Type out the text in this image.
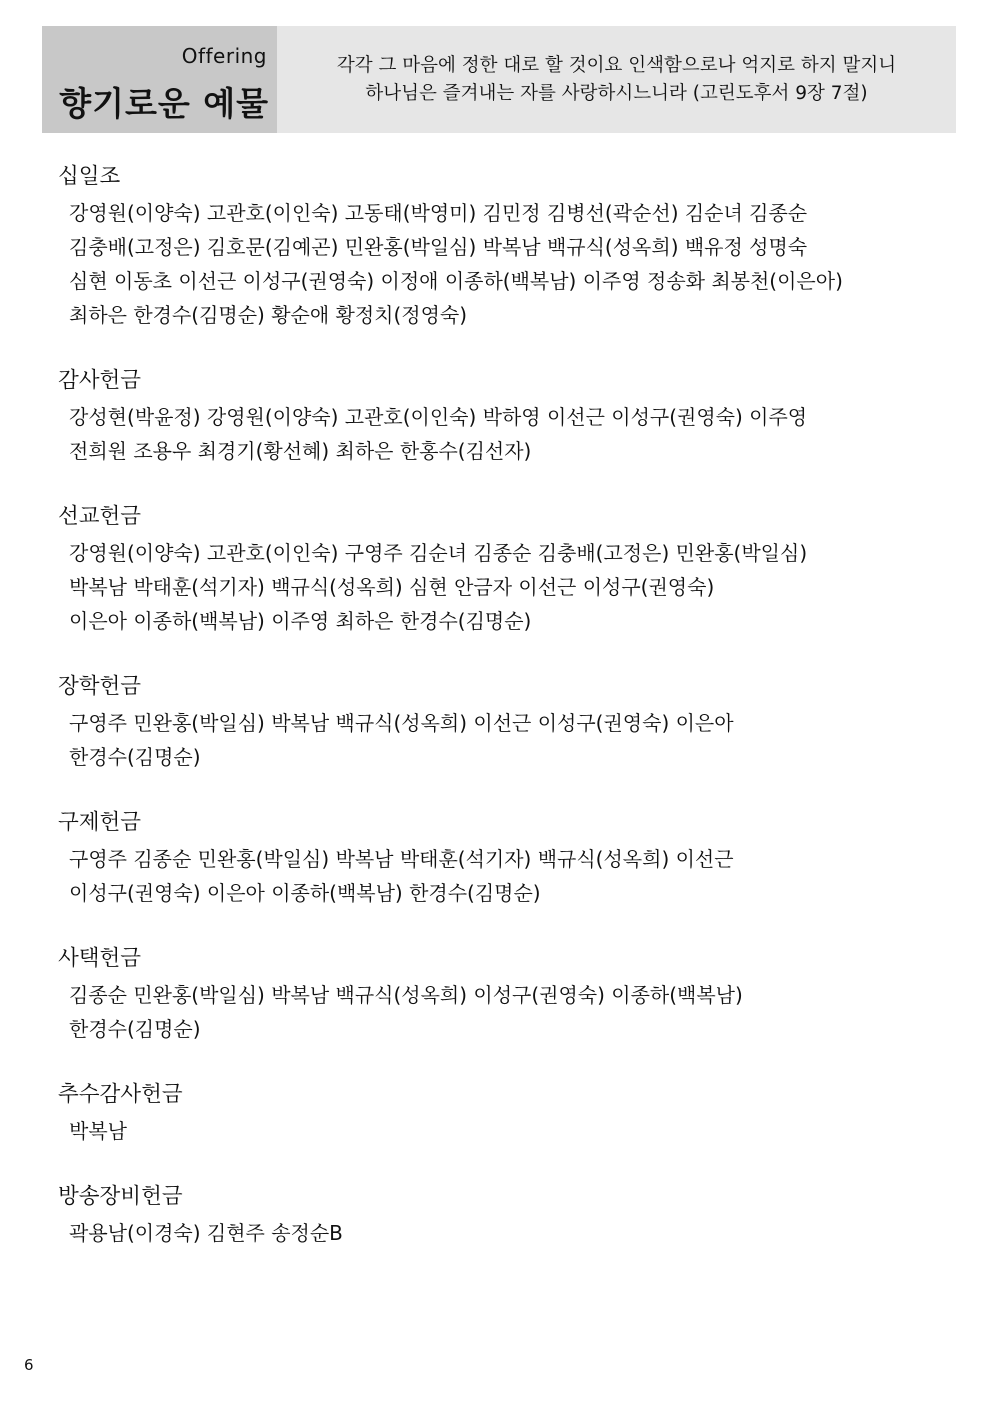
Offering
향기로운 예물
각각 그 마음에 정한 대로 할 것이요 인색함으로나 억지로 하지 말지니
하나님은 즐겨내는 자를 사랑하시느니라 (고린도후서 9장 7절)
십일조
강영원(이양숙) 고관호(이인숙) 고동태(박영미) 김민정 김병선(곽순선) 김순녀 김종순
김충배(고정은) 김호문(김예곤) 민완홍(박일심) 박복남 백규식(성옥희) 백유정 성명숙
심현 이동초 이선근 이성구(권영숙) 이정애 이종하(백복남) 이주영 정송화 최봉천(이은아)
최하은 한경수(김명순) 황순애 황정치(정영숙)
감사헌금
강성현(박윤정) 강영원(이양숙) 고관호(이인숙) 박하영 이선근 이성구(권영숙) 이주영
전희원 조용우 최경기(황선혜) 최하은 한홍수(김선자)
선교헌금
강영원(이양숙) 고관호(이인숙) 구영주 김순녀 김종순 김충배(고정은) 민완홍(박일심)
박복남 박태훈(석기자) 백규식(성옥희) 심현 안금자 이선근 이성구(권영숙)
이은아 이종하(백복남) 이주영 최하은 한경수(김명순)
장학헌금
구영주 민완홍(박일심) 박복남 백규식(성옥희) 이선근 이성구(권영숙) 이은아
한경수(김명순)
구제헌금
구영주 김종순 민완홍(박일심) 박복남 박태훈(석기자) 백규식(성옥희) 이선근
이성구(권영숙) 이은아 이종하(백복남) 한경수(김명순)
사택헌금
김종순 민완홍(박일심) 박복남 백규식(성옥희) 이성구(권영숙) 이종하(백복남)
한경수(김명순)
추수감사헌금
박복남
방송장비헌금
곽용남(이경숙) 김현주 송정순B
6
